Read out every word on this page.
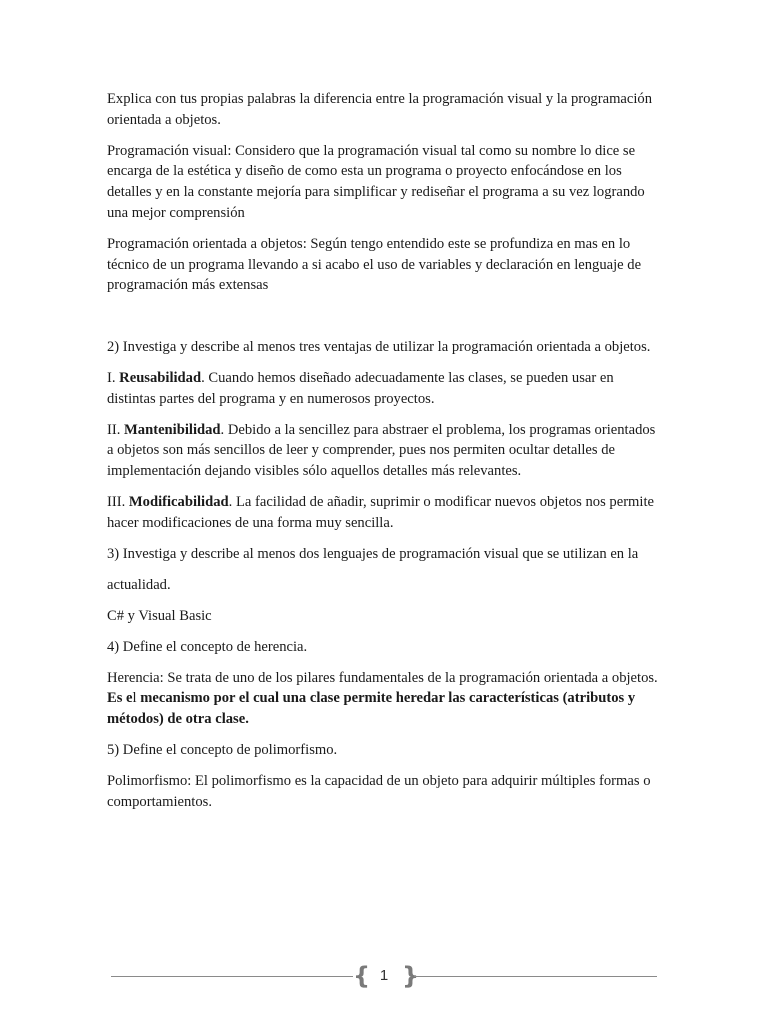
Explica con tus propias palabras la diferencia entre la programación visual y la programación orientada a objetos.

Programación visual: Considero que la programación visual tal como su nombre lo dice se encarga de la estética y diseño de como esta un programa o proyecto enfocándose en los detalles y en la constante mejoría para simplificar y rediseñar el programa a su vez logrando una mejor comprensión

Programación orientada a objetos: Según tengo entendido este se profundiza en mas en lo técnico de un programa llevando a si acabo el uso de variables y declaración en lenguaje de programación más extensas

2) Investiga y describe al menos tres ventajas de utilizar la programación orientada a objetos.

I. Reusabilidad. Cuando hemos diseñado adecuadamente las clases, se pueden usar en distintas partes del programa y en numerosos proyectos.

II. Mantenibilidad. Debido a la sencillez para abstraer el problema, los programas orientados a objetos son más sencillos de leer y comprender, pues nos permiten ocultar detalles de implementación dejando visibles sólo aquellos detalles más relevantes.

III. Modificabilidad. La facilidad de añadir, suprimir o modificar nuevos objetos nos permite hacer modificaciones de una forma muy sencilla.

3) Investiga y describe al menos dos lenguajes de programación visual que se utilizan en la

actualidad.

C# y Visual Basic

4) Define el concepto de herencia.

Herencia: Se trata de uno de los pilares fundamentales de la programación orientada a objetos. Es el mecanismo por el cual una clase permite heredar las características (atributos y métodos) de otra clase.

5) Define el concepto de polimorfismo.

Polimorfismo: El polimorfismo es la capacidad de un objeto para adquirir múltiples formas o comportamientos.

{ 1 }
